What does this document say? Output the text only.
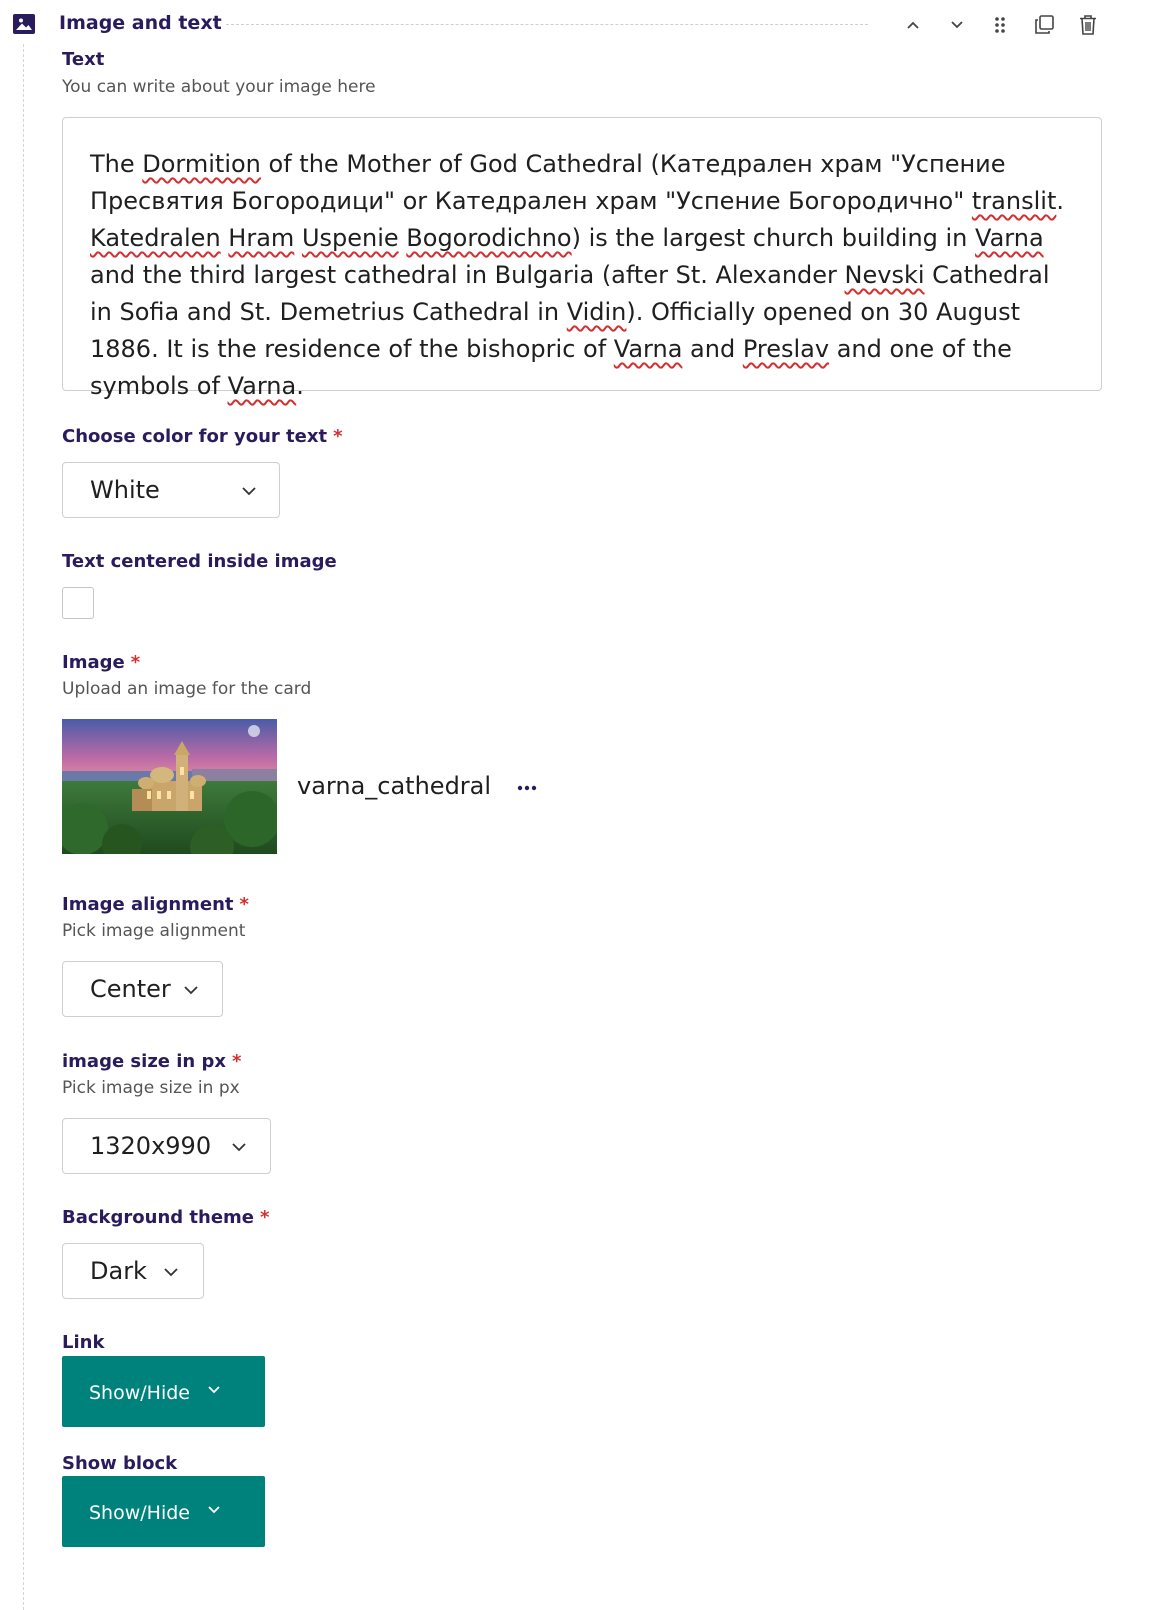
Image and text
Text
You can write about your image here
The Dormition of the Mother of God Cathedral (Катедрален храм "Успение Пресвятия Богородици" or Катедрален храм "Успение Богородично" translit. Katedralen Hram Uspenie Bogorodichno) is the largest church building in Varna and the third largest cathedral in Bulgaria (after St. Alexander Nevski Cathedral in Sofia and St. Demetrius Cathedral in Vidin). Officially opened on 30 August 1886. It is the residence of the bishopric of Varna and Preslav and one of the symbols of Varna.
Choose color for your text *
White
Text centered inside image
Image *
Upload an image for the card
varna_cathedral
Image alignment *
Pick image alignment
Center
image size in px *
Pick image size in px
1320x990
Background theme *
Dark
Link
Show/Hide
Show block
Show/Hide
